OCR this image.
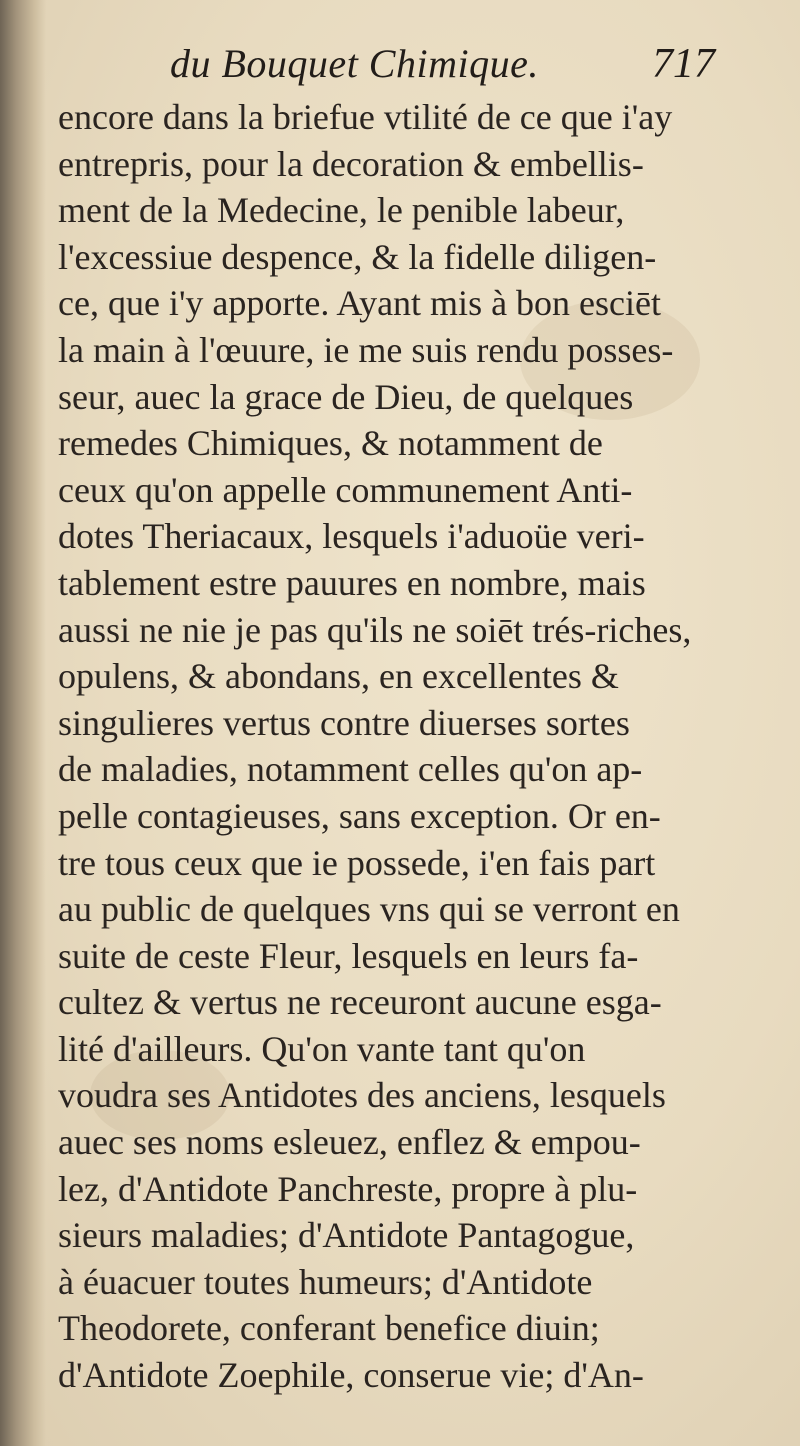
du Bouquet Chimique.	717
encore dans la briefue vtilité de ce que i'ay
entrepris, pour la decoration & embellis-
ment de la Medecine, le penible labeur,
l'excessiue despence, & la fidelle diligen-
ce, que i'y apporte. Ayant mis à bon esciēt
la main à l'œuure, ie me suis rendu posses-
seur, auec la grace de Dieu, de quelques
remedes Chimiques, & notamment de
ceux qu'on appelle communement Anti-
dotes Theriacaux, lesquels i'aduoüe veri-
tablement estre pauures en nombre, mais
aussi ne nie je pas qu'ils ne soiēt trés-riches,
opulens, & abondans, en excellentes &
singulieres vertus contre diuerses sortes
de maladies, notamment celles qu'on ap-
pelle contagieuses, sans exception. Or en-
tre tous ceux que ie possede, i'en fais part
au public de quelques vns qui se verront en
suite de ceste Fleur, lesquels en leurs fa-
cultez & vertus ne receuront aucune esga-
lité d'ailleurs. Qu'on vante tant qu'on
voudra ses Antidotes des anciens, lesquels
auec ses noms esleuez, enflez & empou-
lez, d'Antidote Panchreste, propre à plu-
sieurs maladies; d'Antidote Pantagogue,
à éuacuer toutes humeurs; d'Antidote
Theodorete, conferant benefice diuin;
d'Antidote Zoephile, conserue vie; d'An-
